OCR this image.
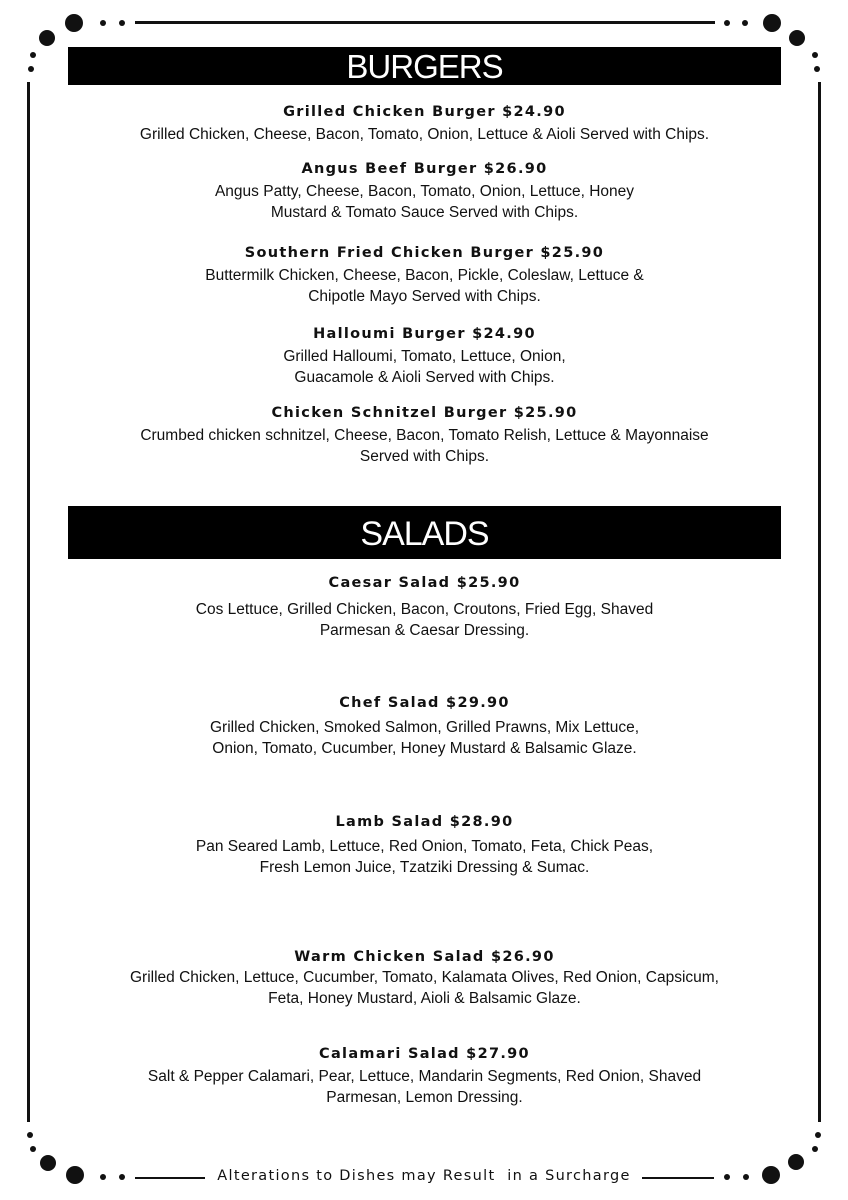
BURGERS
Grilled Chicken Burger $24.90
Grilled Chicken, Cheese, Bacon, Tomato, Onion, Lettuce & Aioli Served with Chips.
Angus Beef Burger $26.90
Angus Patty, Cheese, Bacon, Tomato, Onion, Lettuce, Honey
Mustard & Tomato Sauce Served with Chips.
Southern Fried Chicken Burger $25.90
Buttermilk Chicken, Cheese, Bacon, Pickle, Coleslaw, Lettuce &
Chipotle Mayo Served with Chips.
Halloumi Burger $24.90
Grilled Halloumi, Tomato, Lettuce, Onion,
Guacamole & Aioli Served with Chips.
Chicken Schnitzel Burger $25.90
Crumbed chicken schnitzel, Cheese, Bacon, Tomato Relish, Lettuce & Mayonnaise
Served with Chips.
SALADS
Caesar Salad $25.90
Cos Lettuce, Grilled Chicken, Bacon, Croutons, Fried Egg, Shaved
Parmesan & Caesar Dressing.
Chef Salad $29.90
Grilled Chicken, Smoked Salmon, Grilled Prawns, Mix Lettuce,
Onion, Tomato, Cucumber, Honey Mustard & Balsamic Glaze.
Lamb Salad $28.90
Pan Seared Lamb, Lettuce, Red Onion, Tomato, Feta, Chick Peas,
Fresh Lemon Juice, Tzatziki Dressing & Sumac.
Warm Chicken Salad $26.90
Grilled Chicken, Lettuce, Cucumber, Tomato, Kalamata Olives, Red Onion, Capsicum,
Feta, Honey Mustard, Aioli & Balsamic Glaze.
Calamari Salad $27.90
Salt & Pepper Calamari, Pear, Lettuce, Mandarin Segments, Red Onion, Shaved
Parmesan, Lemon Dressing.
Alterations to Dishes may Result  in a Surcharge
